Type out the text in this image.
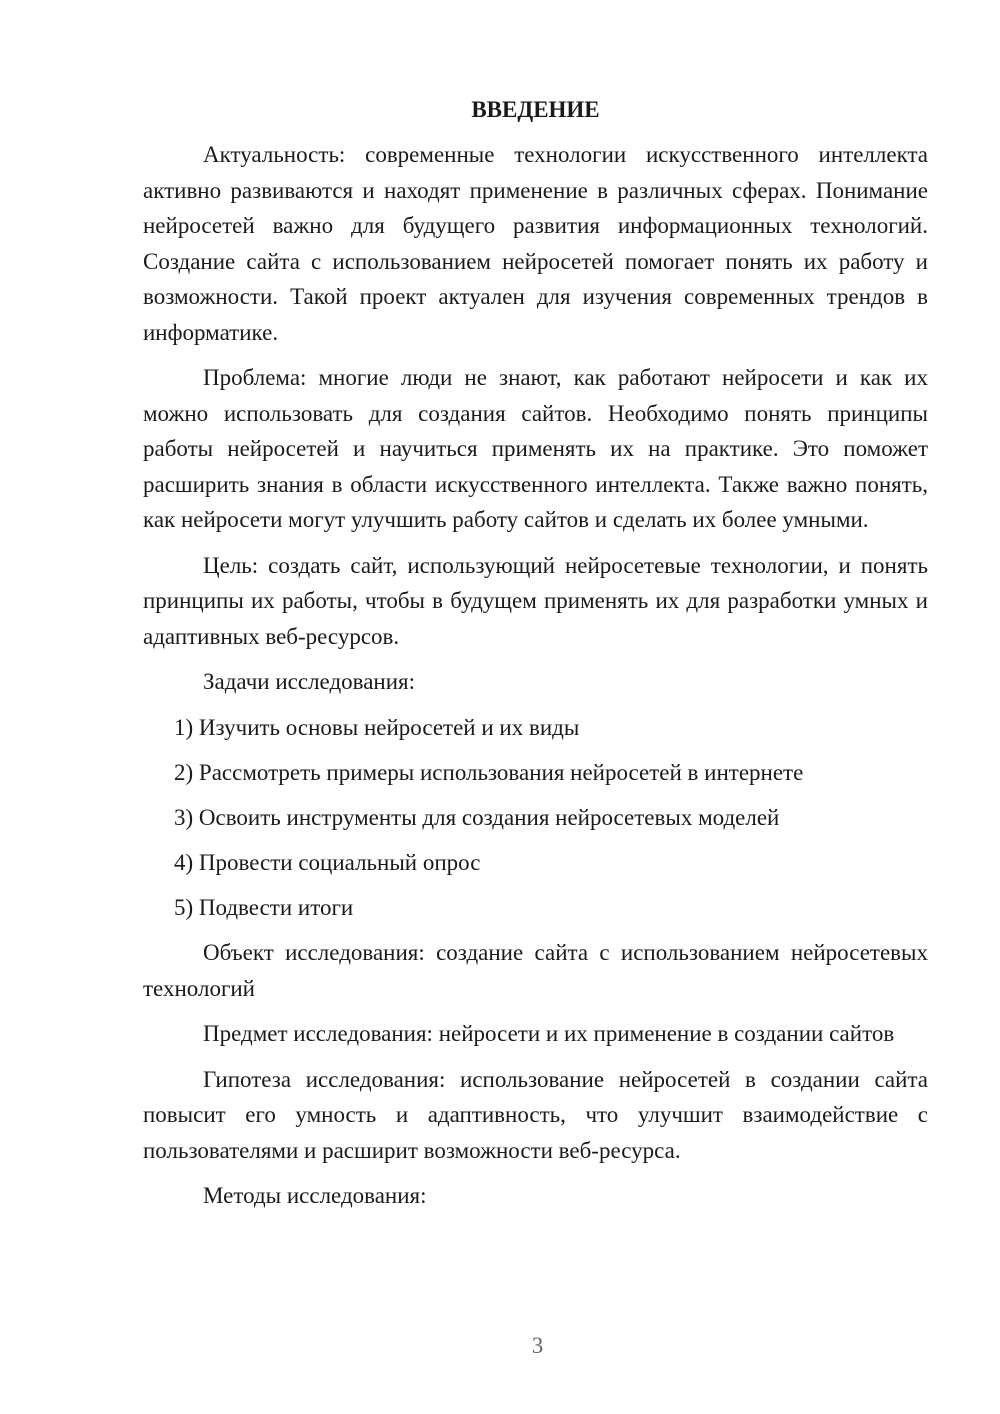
ВВЕДЕНИЕ

Актуальность: современные технологии искусственного интеллекта активно развиваются и находят применение в различных сферах. Понимание нейросетей важно для будущего развития информационных технологий. Создание сайта с использованием нейросетей помогает понять их работу и возможности. Такой проект актуален для изучения современных трендов в информатике.

Проблема: многие люди не знают, как работают нейросети и как их можно использовать для создания сайтов. Необходимо понять принципы работы нейросетей и научиться применять их на практике. Это поможет расширить знания в области искусственного интеллекта. Также важно понять, как нейросети могут улучшить работу сайтов и сделать их более умными.

Цель: создать сайт, использующий нейросетевые технологии, и понять принципы их работы, чтобы в будущем применять их для разработки умных и адаптивных веб-ресурсов.

Задачи исследования:

1) Изучить основы нейросетей и их виды
2) Рассмотреть примеры использования нейросетей в интернете
3) Освоить инструменты для создания нейросетевых моделей
4) Провести социальный опрос
5) Подвести итоги

Объект исследования: создание сайта с использованием нейросетевых технологий

Предмет исследования: нейросети и их применение в создании сайтов

Гипотеза исследования: использование нейросетей в создании сайта повысит его умность и адаптивность, что улучшит взаимодействие с пользователями и расширит возможности веб-ресурса.

Методы исследования:

3
